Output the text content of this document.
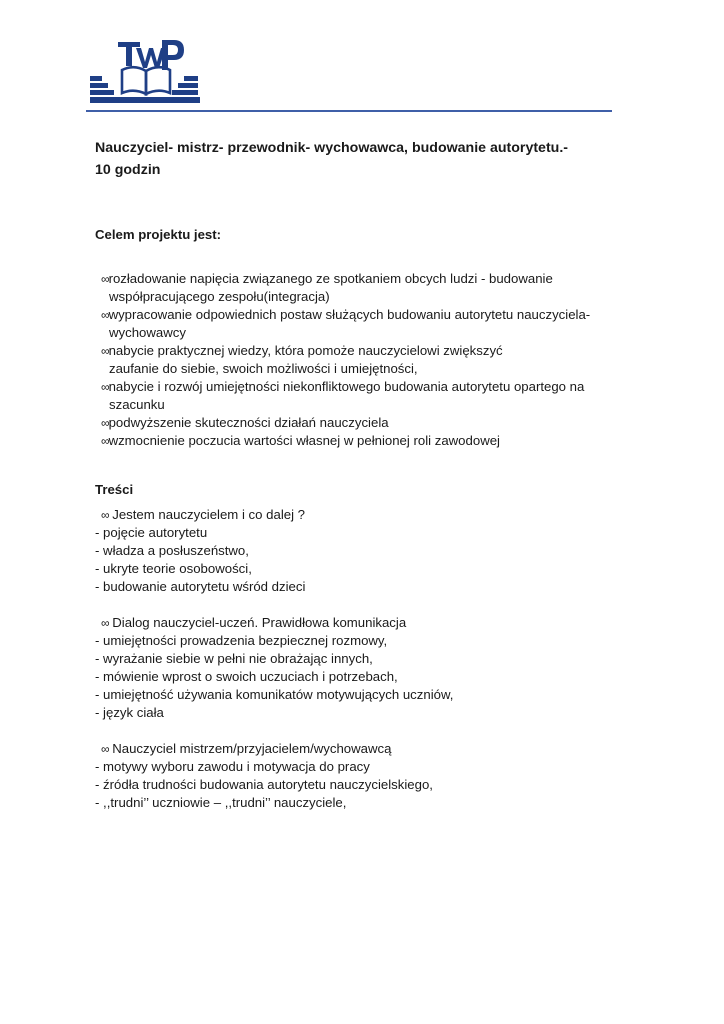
TOWARZYSTWO WIEDZY POWSZECHNEJ
Nauczyciel- mistrz- przewodnik- wychowawca, budowanie autorytetu.-
10 godzin
Celem projektu jest:
∞rozładowanie napięcia związanego ze spotkaniem obcych ludzi - budowanie
współpracującego zespołu(integracja)
∞wypracowanie odpowiednich postaw służących budowaniu autorytetu nauczyciela-
wychowawcy
∞nabycie praktycznej wiedzy, która pomoże nauczycielowi zwiększyć
zaufanie do siebie, swoich możliwości i umiejętności,
∞nabycie i rozwój umiejętności niekonfliktowego budowania autorytetu opartego na
szacunku
∞podwyższenie skuteczności działań nauczyciela
∞wzmocnienie poczucia wartości własnej w pełnionej roli zawodowej
Treści
∞ Jestem nauczycielem i co dalej ?
- pojęcie autorytetu
- władza a posłuszeństwo,
- ukryte teorie osobowości,
- budowanie autorytetu wśród dzieci
∞ Dialog nauczyciel-uczeń. Prawidłowa komunikacja
- umiejętności prowadzenia bezpiecznej rozmowy,
- wyrażanie siebie w pełni nie obrażając innych,
- mówienie wprost o swoich uczuciach i potrzebach,
- umiejętność używania komunikatów motywujących uczniów,
- język ciała
∞ Nauczyciel mistrzem/przyjacielem/wychowawcą
- motywy wyboru zawodu i motywacja do pracy
- źródła trudności budowania autorytetu nauczycielskiego,
- ,,trudni’’ uczniowie – ,,trudni’’ nauczyciele,
